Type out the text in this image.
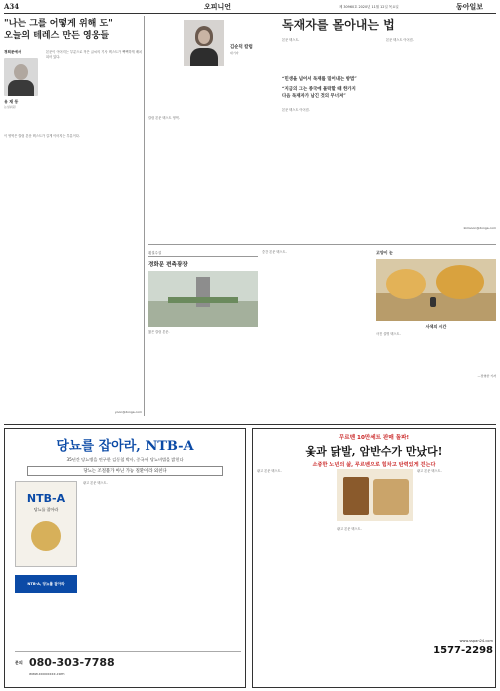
A34	오피니언	제 30960호 2020년 11월 12일 목요일	동아일보
"나는 그를 어떻게 위해 도"
오늘의 테레스 만든 영웅들
경희문예서
유 재 동
논설위원
본문이 이어지는 부분으로 작은 글씨의 기사 텍스트가 빽빽하게 배치되어 있다.
이 영역은 칼럼 본문 텍스트가 길게 이어지는 부분이다.
yoon@donga.com
김순덕 칼럼
대기자
칼럼 본문 텍스트 영역.
독재자를 몰아내는 법
“민생을 넘어서 독재를 밀어내는 방법”
“지금의 그는 종국에 몰락할 때 한가지
다음 독재자가 남긴 것의 무너져”
본문 텍스트.
본문 텍스트 이어짐.
본문 텍스트 이어짐.
kimsoon@donga.com
횡설수설
경화문 편측광장
짧은 칼럼 본문.
중간 본문 텍스트.	고양이 눈
사색의 시간
사진 설명 텍스트.
—전영한 기자
당뇨를 잡아라, NTB-A
35년간 당뇨병을 연구한 김동철 박사, 중국서 당뇨비법을 밝힌다
당뇨는 조절불가 아닌 가능 질환이라 외친다
NTB-A
당뇨를 잡아라
광고 본문 텍스트.
NTB-A, 당뇨를 잡아라
문의 080-303-7788
www.xxxxxxxx.com
무르벤 10만세트 판매 돌파!
옻과 닭발, 암반수가 만났다!
소중한 노년의 삶, 루르벤으로 힘차고 탄력있게 걷는다
광고 본문 텍스트.
광고 본문 텍스트.
광고 본문 텍스트.
www.sspan24.com
1577-2298
